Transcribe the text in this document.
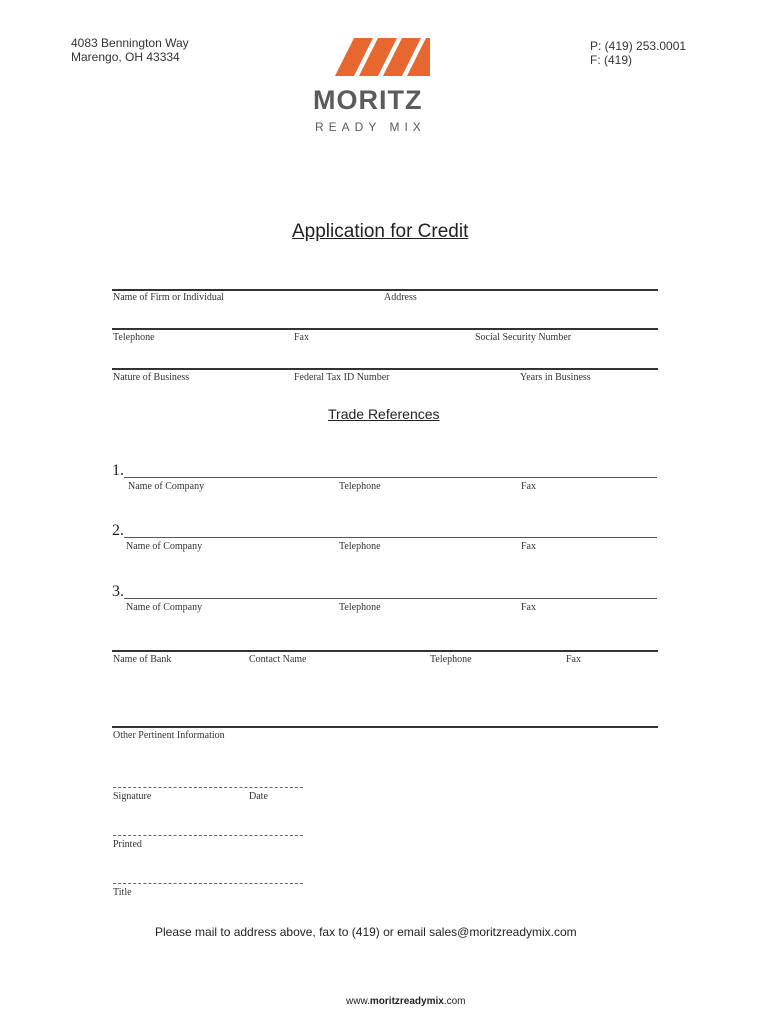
4083 Bennington Way
Marengo, OH 43334
P: (419) 253.0001
F: (419)
MORITZ
READY MIX
Application for Credit
Name of Firm or Individual	Address
Telephone	Fax	Social Security Number
Nature of Business	Federal Tax ID Number	Years in Business
Trade References
1.
Name of Company	Telephone	Fax
2.
Name of Company	Telephone	Fax
3.
Name of Company	Telephone	Fax
Name of Bank	Contact Name	Telephone	Fax
Other Pertinent Information
Signature	Date
Printed
Title
Please mail to address above, fax to (419) or email sales@moritzreadymix.com
www.moritzreadymix.com
